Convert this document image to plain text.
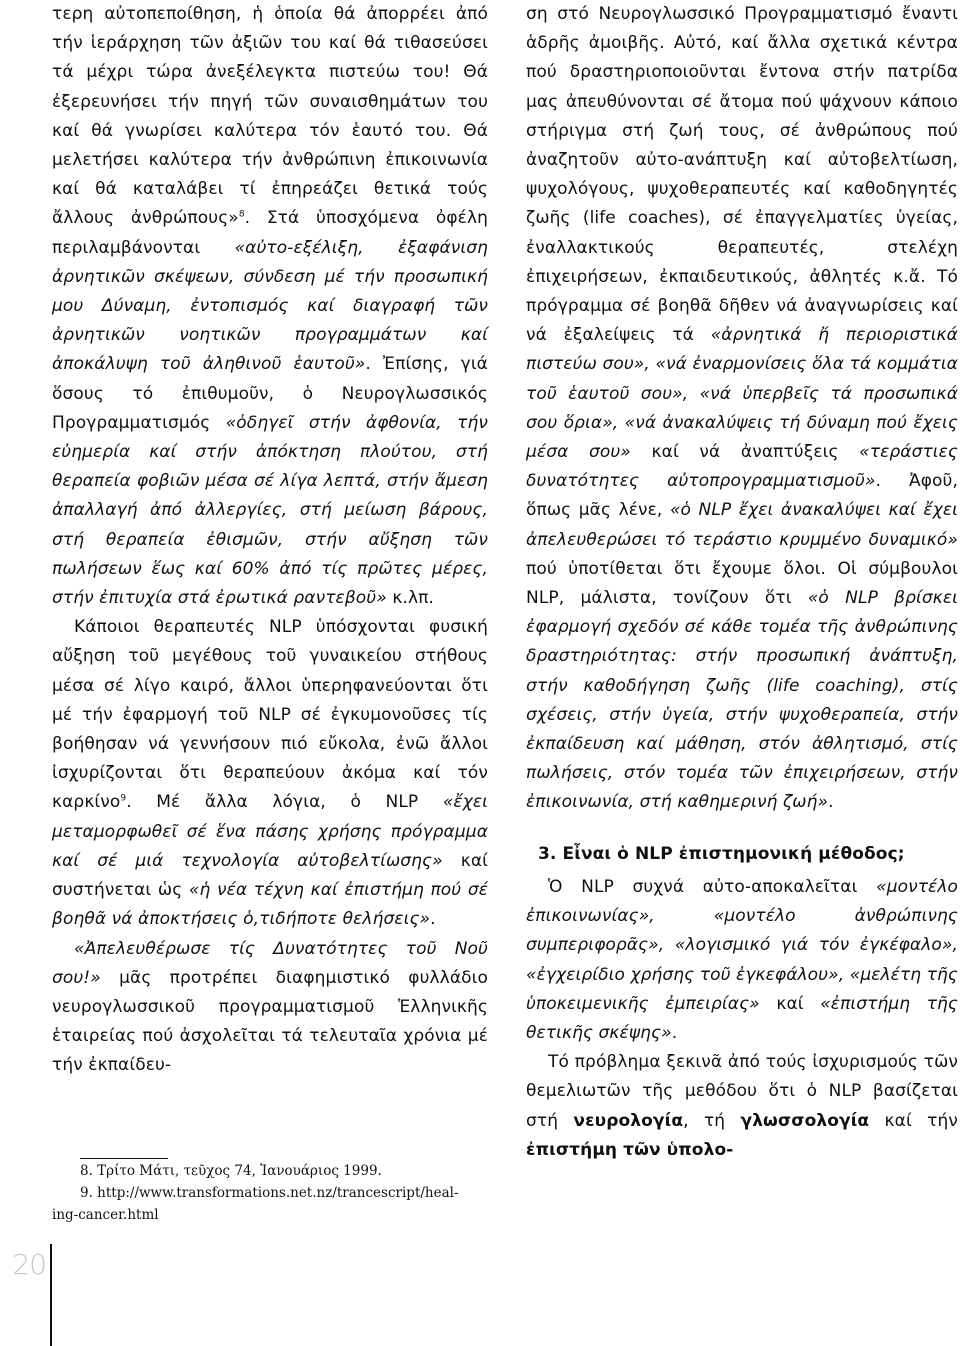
τερη αὐτοπεποίθηση, ἡ ὁποία θά ἀπορρέει ἀπό τήν ἱεράρχηση τῶν ἀξιῶν του καί θά τιθασεύσει τά μέχρι τώρα ἀνεξέλεγκτα πιστεύω του! Θά ἐξερευνήσει τήν πηγή τῶν συναισθημάτων του καί θά γνωρίσει καλύτερα τόν ἑαυτό του. Θά μελετήσει καλύτερα τήν ἀνθρώπινη ἐπικοινωνία καί θά καταλάβει τί ἐπηρεάζει θετικά τούς ἄλλους ἀνθρώπους»$^8$. Στά ὑποσχόμενα ὀφέλη περιλαμβάνονται «αὐτο-εξέλιξη, ἐξαφάνιση ἀρνητικῶν σκέψεων, σύνδεση μέ τήν προσωπική μου Δύναμη, ἐντοπισμός καί διαγραφή τῶν ἀρνητικῶν νοητικῶν προγραμμάτων καί ἀποκάλυψη τοῦ ἀληθινοῦ ἑαυτοῦ». Ἐπίσης, γιά ὅσους τό ἐπιθυμοῦν, ὁ Νευρογλωσσικός Προγραμματισμός «ὁδηγεῖ στήν ἀφθονία, τήν εὐημερία καί στήν ἀπόκτηση πλούτου, στή θεραπεία φοβιῶν μέσα σέ λίγα λεπτά, στήν ἄμεση ἀπαλλαγή ἀπό ἀλλεργίες, στή μείωση βάρους, στή θεραπεία ἐθισμῶν, στήν αὔξηση τῶν πωλήσεων ἕως καί 60% ἀπό τίς πρῶτες μέρες, στήν ἐπιτυχία στά ἐρωτικά ραντεβοῦ» κ.λπ.

Κάποιοι θεραπευτές NLP ὑπόσχονται φυσική αὔξηση τοῦ μεγέθους τοῦ γυναικείου στήθους μέσα σέ λίγο καιρό, ἄλλοι ὑπερηφανεύονται ὅτι μέ τήν ἐφαρμογή τοῦ NLP σέ ἐγκυμονοῦσες τίς βοήθησαν νά γεννήσουν πιό εὔκολα, ἐνῶ ἄλλοι ἰσχυρίζονται ὅτι θεραπεύουν ἀκόμα καί τόν καρκίνο$^9$. Μέ ἄλλα λόγια, ὁ NLP «ἔχει μεταμορφωθεῖ σέ ἕνα πάσης χρήσης πρόγραμμα καί σέ μιά τεχνολογία αὐτοβελτίωσης» καί συστήνεται ὡς «ἡ νέα τέχνη καί ἐπιστήμη πού σέ βοηθᾶ νά ἀποκτήσεις ὁ,τιδήποτε θελήσεις».

«Ἀπελευθέρωσε τίς Δυνατότητες τοῦ Νοῦ σου!» μᾶς προτρέπει διαφημιστικό φυλλάδιο νευρογλωσσικοῦ προγραμματισμοῦ Ἑλληνικῆς ἑταιρείας πού ἀσχολεῖται τά τελευταῖα χρόνια μέ τήν ἐκπαίδευ-

8. Τρίτο Μάτι, τεῦχος 74, Ἰανουάριος 1999.

9. http://www.transformations.net.nz/trancescript/heal-

ing-cancer.html

ση στό Νευρογλωσσικό Προγραμματισμό ἔναντι ἁδρῆς ἀμοιβῆς. Αὐτό, καί ἄλλα σχετικά κέντρα πού δραστηριοποιοῦνται ἔντονα στήν πατρίδα μας ἀπευθύνονται σέ ἄτομα πού ψάχνουν κάποιο στήριγμα στή ζωή τους, σέ ἀνθρώπους πού ἀναζητοῦν αὐτο-ανάπτυξη καί αὐτοβελτίωση, ψυχολόγους, ψυχοθεραπευτές καί καθοδηγητές ζωῆς (life coaches), σέ ἐπαγγελματίες ὑγείας, ἐναλλακτικούς θεραπευτές, στελέχη ἐπιχειρήσεων, ἐκπαιδευτικούς, ἀθλητές κ.ἄ. Τό πρόγραμμα σέ βοηθᾶ δῆθεν νά ἀναγνωρίσεις καί νά ἐξαλείψεις τά «ἀρνητικά ἤ περιοριστικά πιστεύω σου», «νά ἐναρμονίσεις ὅλα τά κομμάτια τοῦ ἑαυτοῦ σου», «νά ὑπερβεῖς τά προσωπικά σου ὅρια», «νά ἀνακαλύψεις τή δύναμη πού ἔχεις μέσα σου» καί νά ἀναπτύξεις «τεράστιες δυνατότητες αὐτοπρογραμματισμοῦ». Ἀφοῦ, ὅπως μᾶς λένε, «ὁ NLP ἔχει ἀνακαλύψει καί ἔχει ἀπελευθερώσει τό τεράστιο κρυμμένο δυναμικό» πού ὑποτίθεται ὅτι ἔχουμε ὅλοι. Οἱ σύμβουλοι NLP, μάλιστα, τονίζουν ὅτι «ὁ NLP βρίσκει ἐφαρμογή σχεδόν σέ κάθε τομέα τῆς ἀνθρώπινης δραστηριότητας: στήν προσωπική ἀνάπτυξη, στήν καθοδήγηση ζωῆς (life coaching), στίς σχέσεις, στήν ὑγεία, στήν ψυχοθεραπεία, στήν ἐκπαίδευση καί μάθηση, στόν ἀθλητισμό, στίς πωλήσεις, στόν τομέα τῶν ἐπιχειρήσεων, στήν ἐπικοινωνία, στή καθημερινή ζωή».

3. Εἶναι ὁ NLP ἐπιστημονική μέθοδος;

Ὁ NLP συχνά αὐτο-αποκαλεῖται «μοντέλο ἐπικοινωνίας», «μοντέλο ἀνθρώπινης συμπεριφορᾶς», «λογισμικό γιά τόν ἐγκέφαλο», «ἐγχειρίδιο χρήσης τοῦ ἐγκεφάλου», «μελέτη τῆς ὑποκειμενικῆς ἐμπειρίας» καί «ἐπιστήμη τῆς θετικῆς σκέψης».

Τό πρόβλημα ξεκινᾶ ἀπό τούς ἰσχυρισμούς τῶν θεμελιωτῶν τῆς μεθόδου ὅτι ὁ NLP βασίζεται στή νευρολογία, τή γλωσσολογία καί τήν ἐπιστήμη τῶν ὑπολο-

20
